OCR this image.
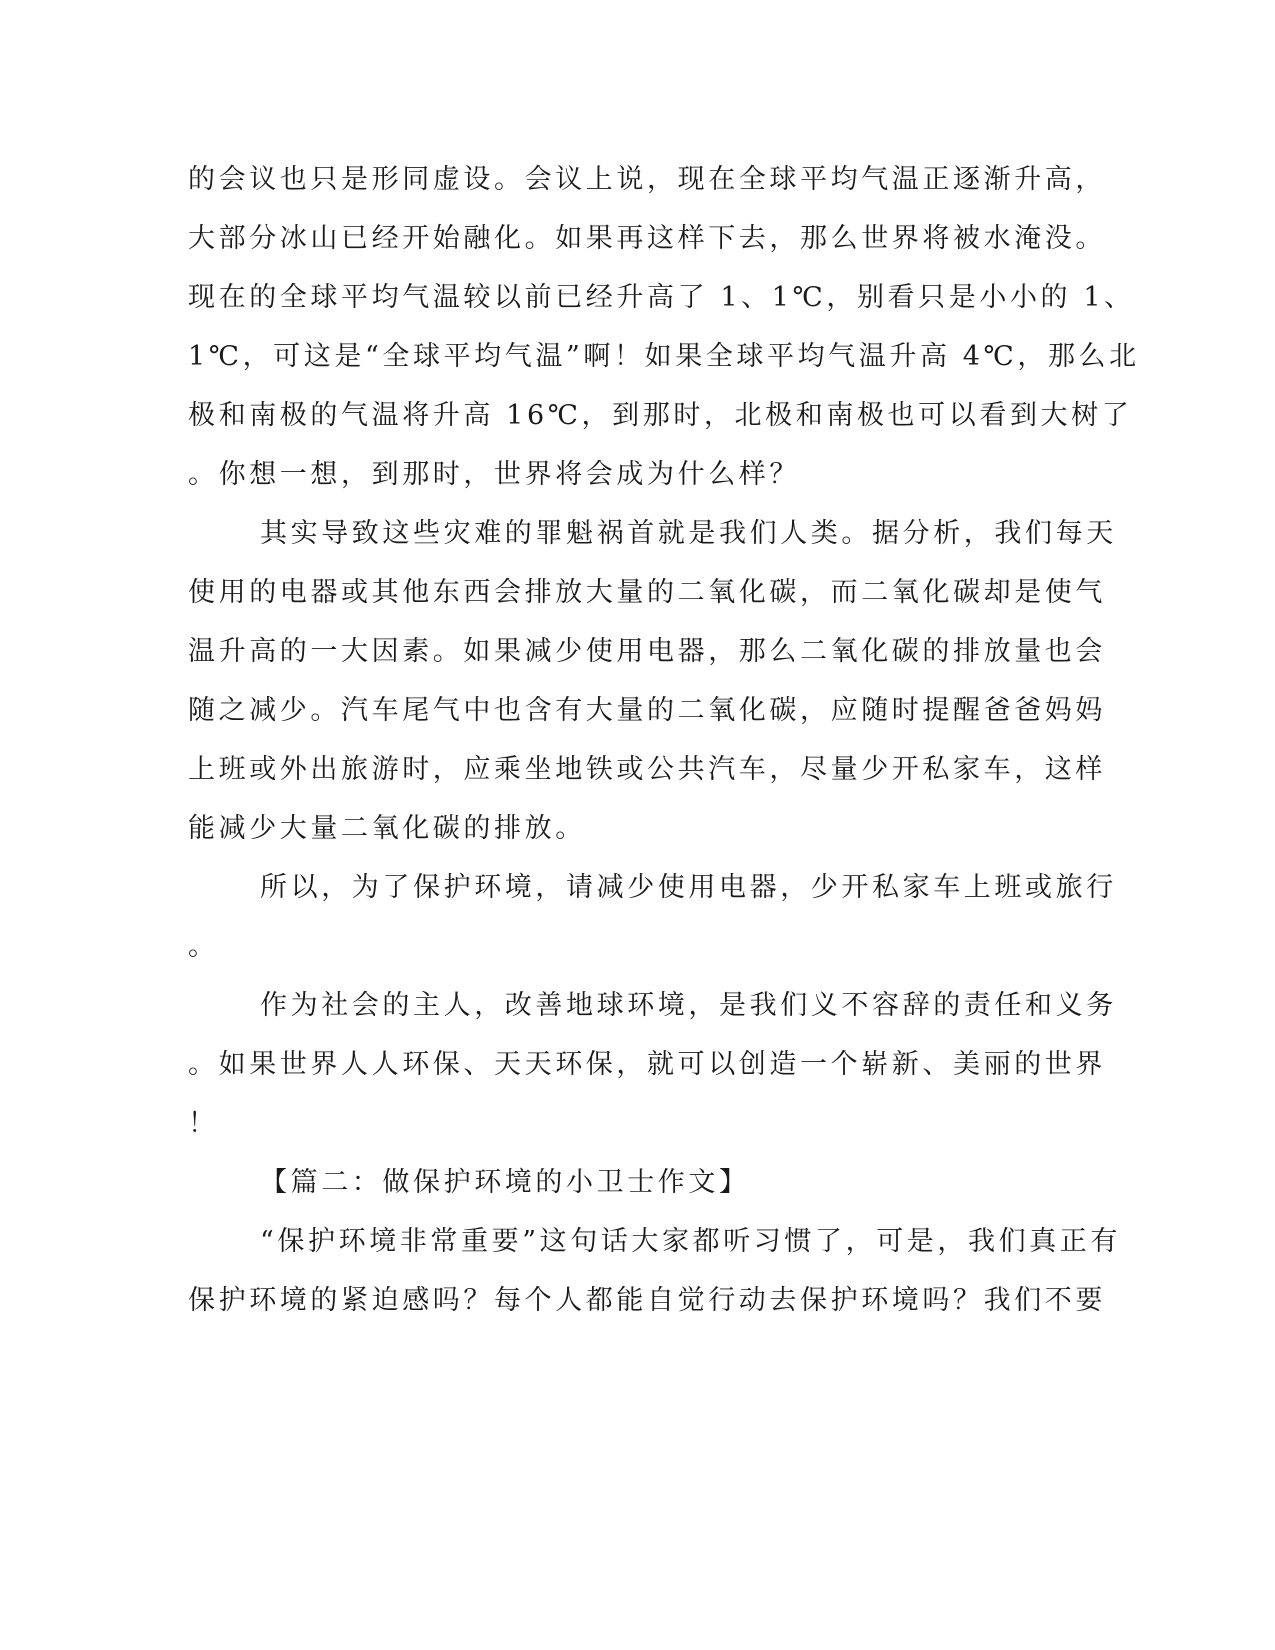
的会议也只是形同虚设。会议上说，现在全球平均气温正逐渐升高，
大部分冰山已经开始融化。如果再这样下去，那么世界将被水淹没。
现在的全球平均气温较以前已经升高了 1、1℃，别看只是小小的 1、
1℃，可这是“全球平均气温”啊！如果全球平均气温升高 4℃，那么北
极和南极的气温将升高 16℃，到那时，北极和南极也可以看到大树了
。你想一想，到那时，世界将会成为什么样？
其实导致这些灾难的罪魁祸首就是我们人类。据分析，我们每天
使用的电器或其他东西会排放大量的二氧化碳，而二氧化碳却是使气
温升高的一大因素。如果减少使用电器，那么二氧化碳的排放量也会
随之减少。汽车尾气中也含有大量的二氧化碳，应随时提醒爸爸妈妈
上班或外出旅游时，应乘坐地铁或公共汽车，尽量少开私家车，这样
能减少大量二氧化碳的排放。
所以，为了保护环境，请减少使用电器，少开私家车上班或旅行
。
作为社会的主人，改善地球环境，是我们义不容辞的责任和义务
。如果世界人人环保、天天环保，就可以创造一个崭新、美丽的世界
！
【篇二：做保护环境的小卫士作文】
“保护环境非常重要”这句话大家都听习惯了，可是，我们真正有
保护环境的紧迫感吗？每个人都能自觉行动去保护环境吗？我们不要
